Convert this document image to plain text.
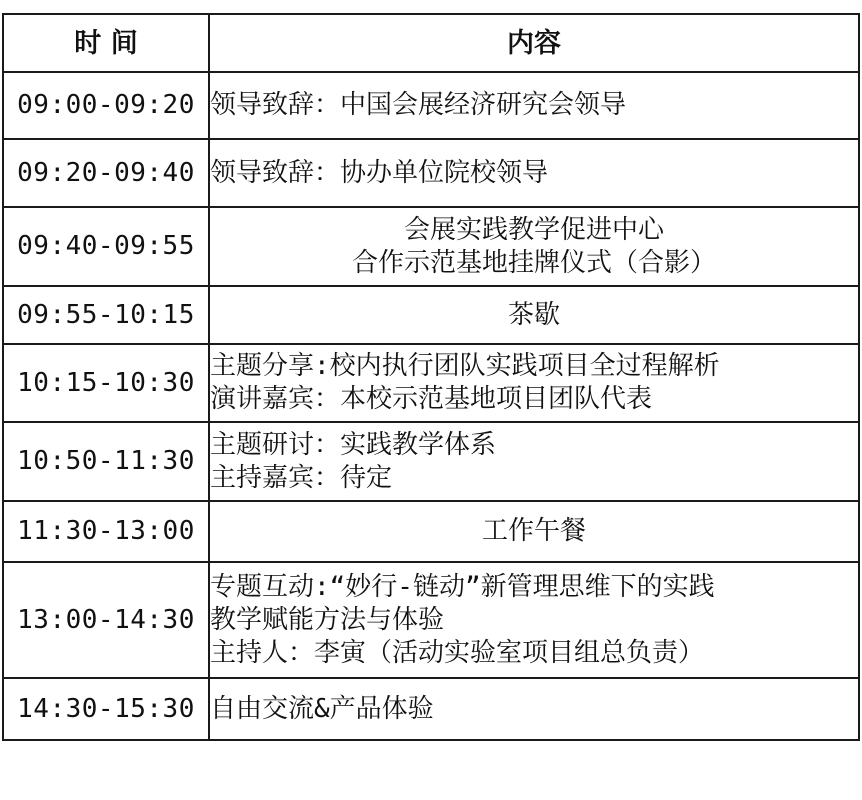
时 间	内容
09:00-09:20	领导致辞：中国会展经济研究会领导

09:20-09:40	领导致辞：协办单位院校领导

09:40-09:55	会展实践教学促进中心
合作示范基地挂牌仪式（合影）

09:55-10:15	茶歇

10:15-10:30	主题分享:校内执行团队实践项目全过程解析
演讲嘉宾：本校示范基地项目团队代表

10:50-11:30	主题研讨：实践教学体系
主持嘉宾：待定

11:30-13:00	工作午餐

13:00-14:30	专题互动:“妙行-链动”新管理思维下的实践
教学赋能方法与体验
主持人：李寅（活动实验室项目组总负责）

14:30-15:30	自由交流&产品体验
